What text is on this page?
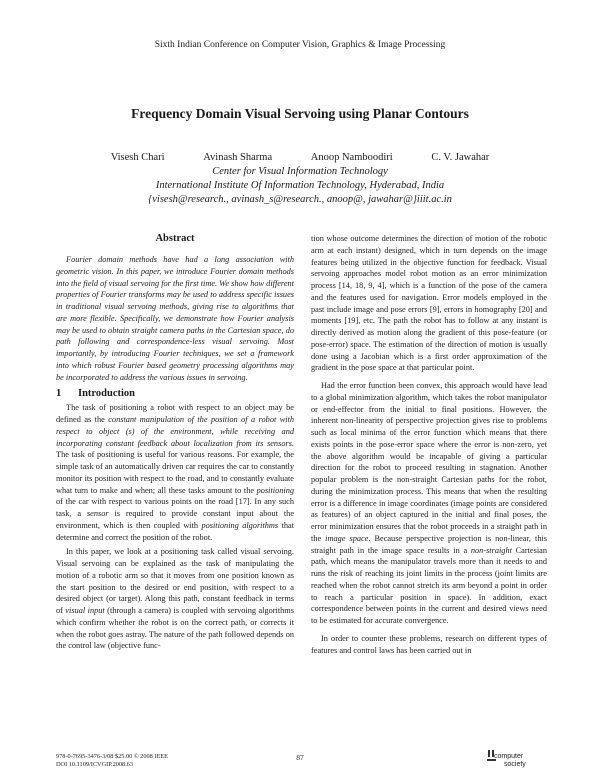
Sixth Indian Conference on Computer Vision, Graphics & Image Processing
Frequency Domain Visual Servoing using Planar Contours
Visesh Chari	Avinash Sharma	Anoop Namboodiri	C. V. Jawahar
Center for Visual Information Technology
International Institute Of Information Technology, Hyderabad, India
{visesh@research., avinash_s@research., anoop@, jawahar@}iiit.ac.in
Abstract

Fourier domain methods have had a long association with geometric vision. In this paper, we introduce Fourier domain methods into the field of visual servoing for the first time. We show how different properties of Fourier transforms may be used to address specific issues in traditional visual servoing methods, giving rise to algorithms that are more flexible. Specifically, we demonstrate how Fourier analysis may be used to obtain straight camera paths in the Cartesian space, do path following and correspondence-less visual servoing. Most importantly, by introducing Fourier techniques, we set a framework into which robust Fourier based geometry processing algorithms may be incorporated to address the various issues in servoing.

1 Introduction

The task of positioning a robot with respect to an object may be defined as the constant manipulation of the position of a robot with respect to object (s) of the environment, while receiving and incorporating constant feedback about localization from its sensors. The task of positioning is useful for various reasons. For example, the simple task of an automatically driven car requires the car to constantly monitor its position with respect to the road, and to constantly evaluate what turn to make and when; all these tasks amount to the positioning of the car with respect to various points on the road [17]. In any such task, a sensor is required to provide constant input about the environment, which is then coupled with positioning algorithms that determine and correct the position of the robot.

In this paper, we look at a positioning task called visual servoing. Visual servoing can be explained as the task of manipulating the motion of a robotic arm so that it moves from one position known as the start position to the desired or end position, with respect to a desired object (or target). Along this path, constant feedback in terms of visual input (through a camera) is coupled with servoing algorithms which confirm whether the robot is on the correct path, or corrects it when the robot goes astray. The nature of the path followed depends on the control law (objective func-

tion whose outcome determines the direction of motion of the robotic arm at each instant) designed, which in turn depends on the image features being utilized in the objective function for feedback. Visual servoing approaches model robot motion as an error minimization process [14, 18, 9, 4], which is a function of the pose of the camera and the features used for navigation. Error models employed in the past include image and pose errors [9], errors in homography [20] and moments [19], etc. The path the robot has to follow at any instant is directly derived as motion along the gradient of this pose-feature (or pose-error) space. The estimation of the direction of motion is usually done using a Jacobian which is a first order approximation of the gradient in the pose space at that particular point.

Had the error function been convex, this approach would have lead to a global minimization algorithm, which takes the robot manipulator or end-effector from the initial to final positions. However, the inherent non-linearity of perspective projection gives rise to problems such as local minima of the error function which means that there exists points in the pose-error space where the error is non-zero, yet the above algorithm would be incapable of giving a particular direction for the robot to proceed resulting in stagnation. Another popular problem is the non-straight Cartesian paths for the robot, during the minimization process. This means that when the resulting error is a difference in image coordinates (image points are considered as features) of an object captured in the initial and final poses, the error minimization ensures that the robot proceeds in a straight path in the image space. Because perspective projection is non-linear, this straight path in the image space results in a non-straight Cartesian path, which means the manipulator travels more than it needs to and runs the risk of reaching its joint limits in the process (joint limits are reached when the robot cannot stretch its arm beyond a point in order to reach a particular position in space). In addition, exact correspondence between points in the current and desired views need to be estimated for accurate convergence.

In order to counter these problems, research on different types of features and control laws has been carried out in

978-0-7695-3476-3/08 $25.00 © 2008 IEEE
DOI 10.1109/ICVGIP.2008.63
87	computer
society
